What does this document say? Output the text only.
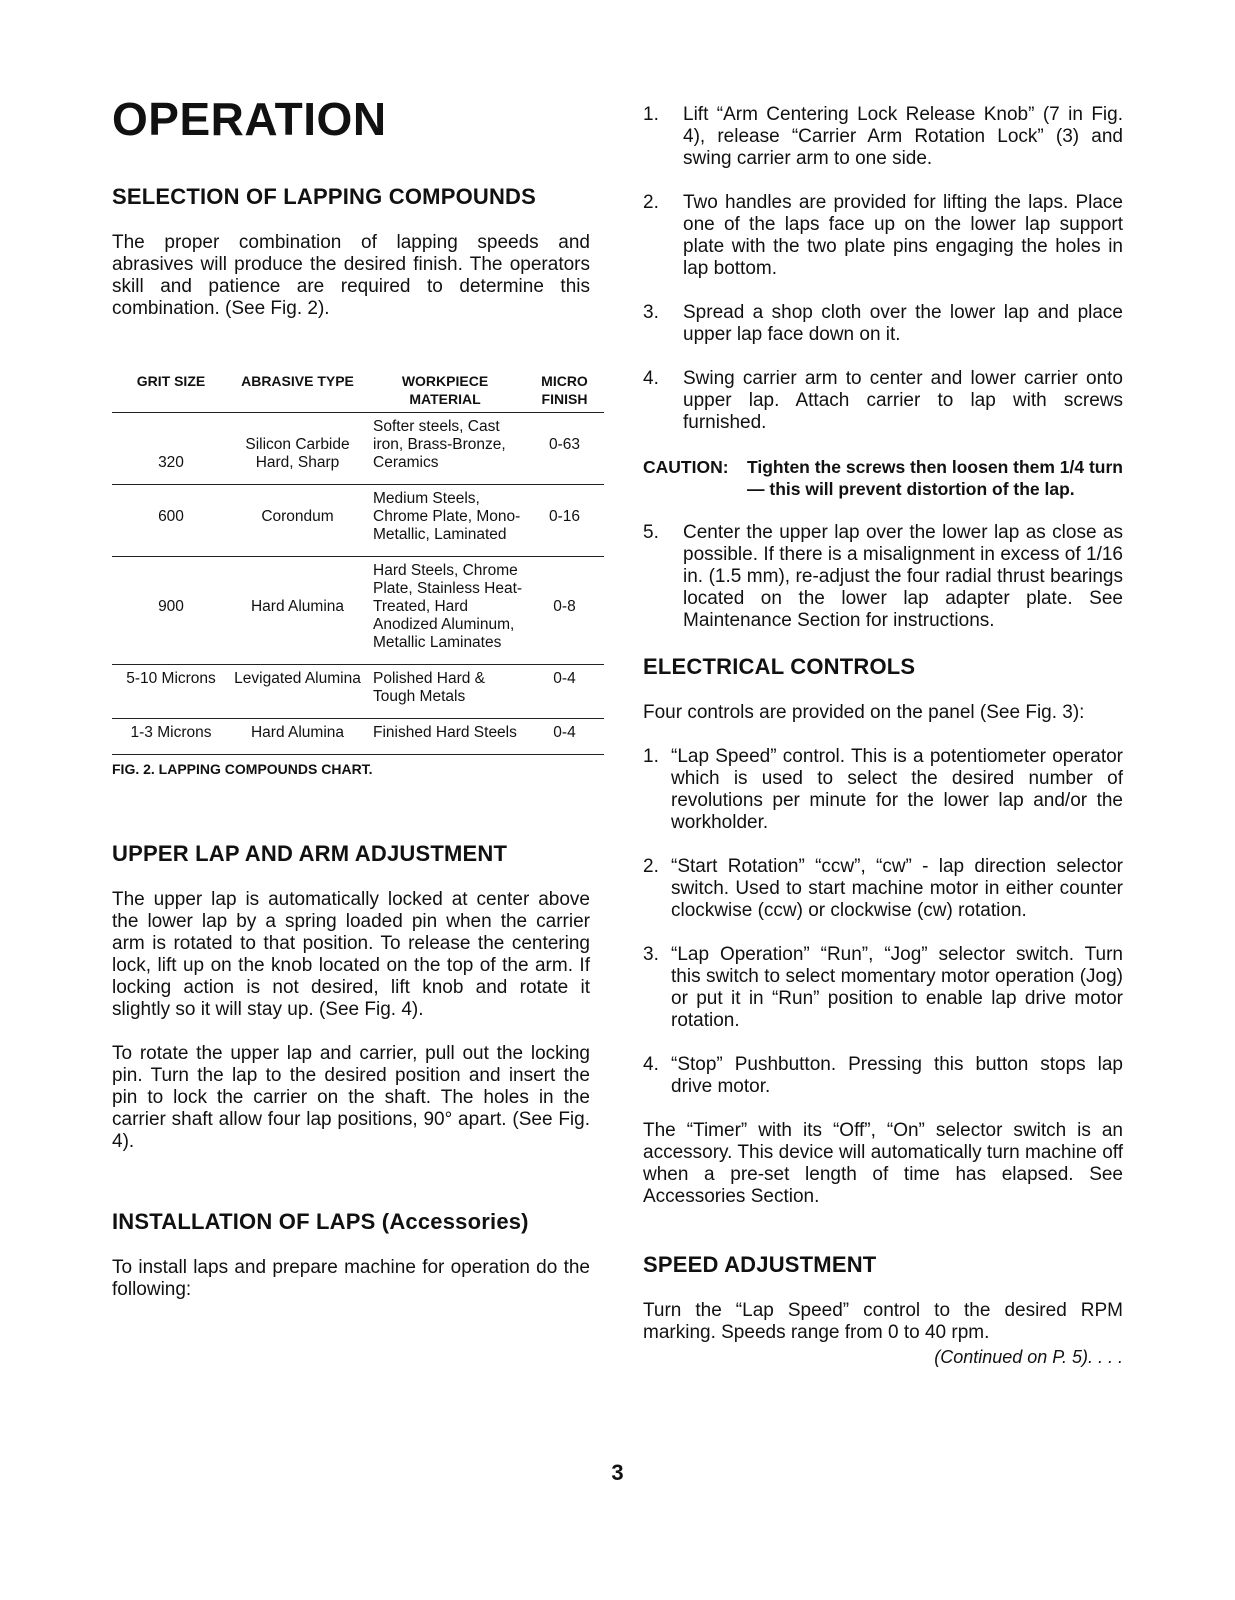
OPERATION
SELECTION OF LAPPING COMPOUNDS

The proper combination of lapping speeds and abrasives will produce the desired finish. The operators skill and patience are required to determine this combination. (See Fig. 2).

GRIT SIZE	ABRASIVE TYPE	WORKPIECE MATERIAL	MICRO FINISH
320	Silicon Carbide Hard, Sharp	Softer steels, Cast iron, Brass-Bronze, Ceramics	0-63
600	Corondum	Medium Steels, Chrome Plate, Mono-Metallic, Laminated	0-16
900	Hard Alumina	Hard Steels, Chrome Plate, Stainless Heat-Treated, Hard Anodized Aluminum, Metallic Laminates	0-8
5-10 Microns	Levigated Alumina	Polished Hard & Tough Metals	0-4
1-3 Microns	Hard Alumina	Finished Hard Steels	0-4
FIG. 2. LAPPING COMPOUNDS CHART.
UPPER LAP AND ARM ADJUSTMENT

The upper lap is automatically locked at center above the lower lap by a spring loaded pin when the carrier arm is rotated to that position. To release the centering lock, lift up on the knob located on the top of the arm. If locking action is not desired, lift knob and rotate it slightly so it will stay up. (See Fig. 4).

To rotate the upper lap and carrier, pull out the locking pin. Turn the lap to the desired position and insert the pin to lock the carrier on the shaft. The holes in the carrier shaft allow four lap positions, 90° apart. (See Fig. 4).

INSTALLATION OF LAPS (Accessories)

To install laps and prepare machine for operation do the following:

1.	Lift “Arm Centering Lock Release Knob” (7 in Fig. 4), release “Carrier Arm Rotation Lock” (3) and swing carrier arm to one side.
2.	Two handles are provided for lifting the laps. Place one of the laps face up on the lower lap support plate with the two plate pins engaging the holes in lap bottom.
3.	Spread a shop cloth over the lower lap and place upper lap face down on it.
4.	Swing carrier arm to center and lower carrier onto upper lap. Attach carrier to lap with screws furnished.
CAUTION:	Tighten the screws then loosen them 1/4 turn — this will prevent distortion of the lap.
5.	Center the upper lap over the lower lap as close as possible. If there is a misalignment in excess of 1/16 in. (1.5 mm), re-adjust the four radial thrust bearings located on the lower lap adapter plate. See Maintenance Section for instructions.
ELECTRICAL CONTROLS

Four controls are provided on the panel (See Fig. 3):

1. “Lap Speed” control. This is a potentiometer operator which is used to select the desired number of revolutions per minute for the lower lap and/or the workholder.
2. “Start Rotation” “ccw”, “cw” - lap direction selector switch. Used to start machine motor in either counter clockwise (ccw) or clockwise (cw) rotation.
3. “Lap Operation” “Run”, “Jog” selector switch. Turn this switch to select momentary motor operation (Jog) or put it in “Run” position to enable lap drive motor rotation.
4. “Stop” Pushbutton. Pressing this button stops lap drive motor.

The “Timer” with its “Off”, “On” selector switch is an accessory. This device will automatically turn machine off when a pre-set length of time has elapsed. See Accessories Section.

SPEED ADJUSTMENT

Turn the “Lap Speed” control to the desired RPM marking. Speeds range from 0 to 40 rpm.

(Continued on P. 5). . . .
3
